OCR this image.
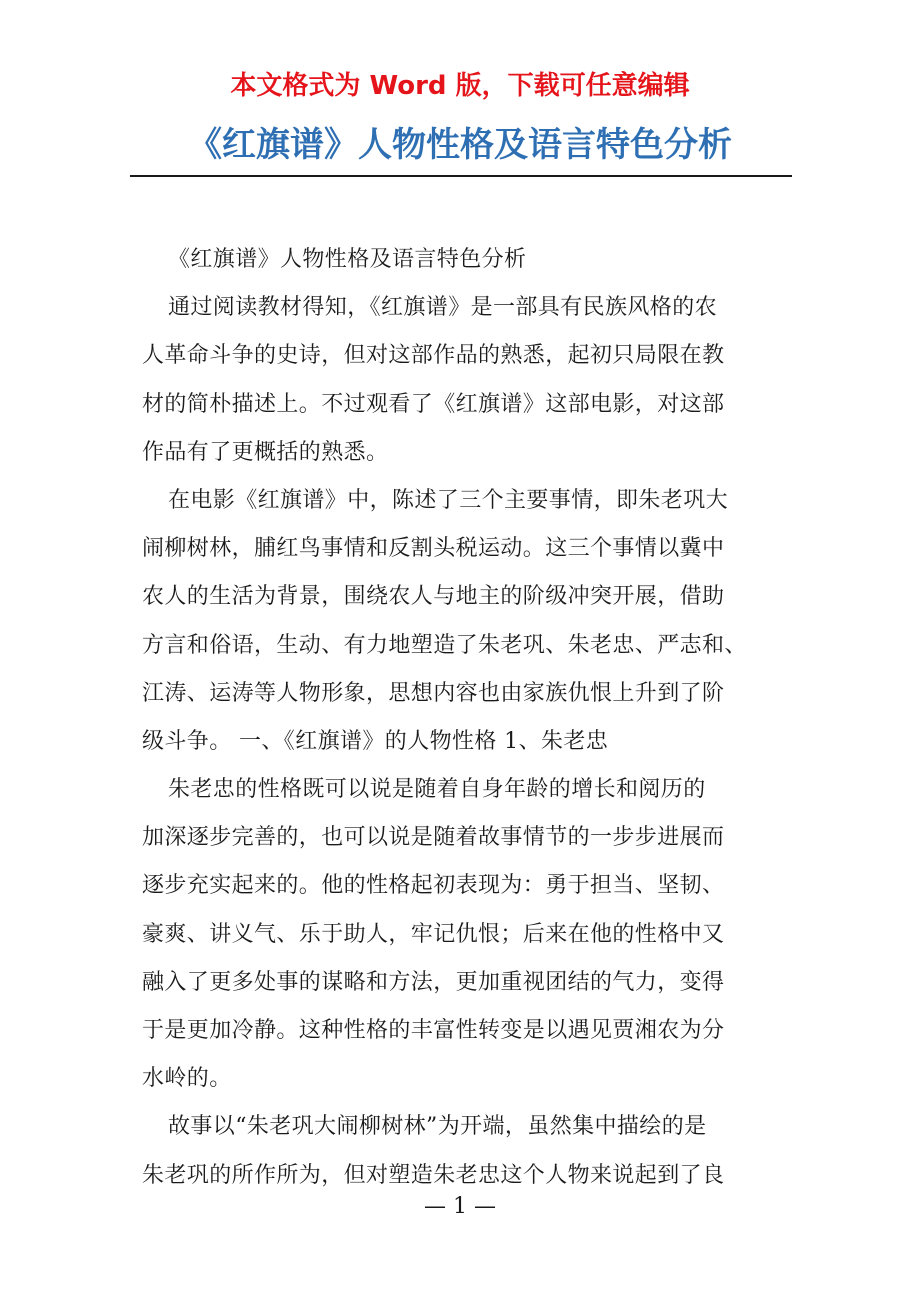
本文格式为 Word 版，下载可任意编辑
《红旗谱》人物性格及语言特色分析
《红旗谱》人物性格及语言特色分析
通过阅读教材得知，《红旗谱》是一部具有民族风格的农
人革命斗争的史诗，但对这部作品的熟悉，起初只局限在教
材的简朴描述上。不过观看了《红旗谱》这部电影，对这部
作品有了更概括的熟悉。
在电影《红旗谱》中，陈述了三个主要事情，即朱老巩大
闹柳树林，脯红鸟事情和反割头税运动。这三个事情以冀中
农人的生活为背景，围绕农人与地主的阶级冲突开展，借助
方言和俗语，生动、有力地塑造了朱老巩、朱老忠、严志和、
江涛、运涛等人物形象，思想内容也由家族仇恨上升到了阶
级斗争。 一、《红旗谱》的人物性格 1、朱老忠
朱老忠的性格既可以说是随着自身年龄的增长和阅历的
加深逐步完善的，也可以说是随着故事情节的一步步进展而
逐步充实起来的。他的性格起初表现为：勇于担当、坚韧、
豪爽、讲义气、乐于助人，牢记仇恨；后来在他的性格中又
融入了更多处事的谋略和方法，更加重视团结的气力，变得
于是更加冷静。这种性格的丰富性转变是以遇见贾湘农为分
水岭的。
故事以“朱老巩大闹柳树林”为开端，虽然集中描绘的是
朱老巩的所作所为，但对塑造朱老忠这个人物来说起到了良
— 1 —
